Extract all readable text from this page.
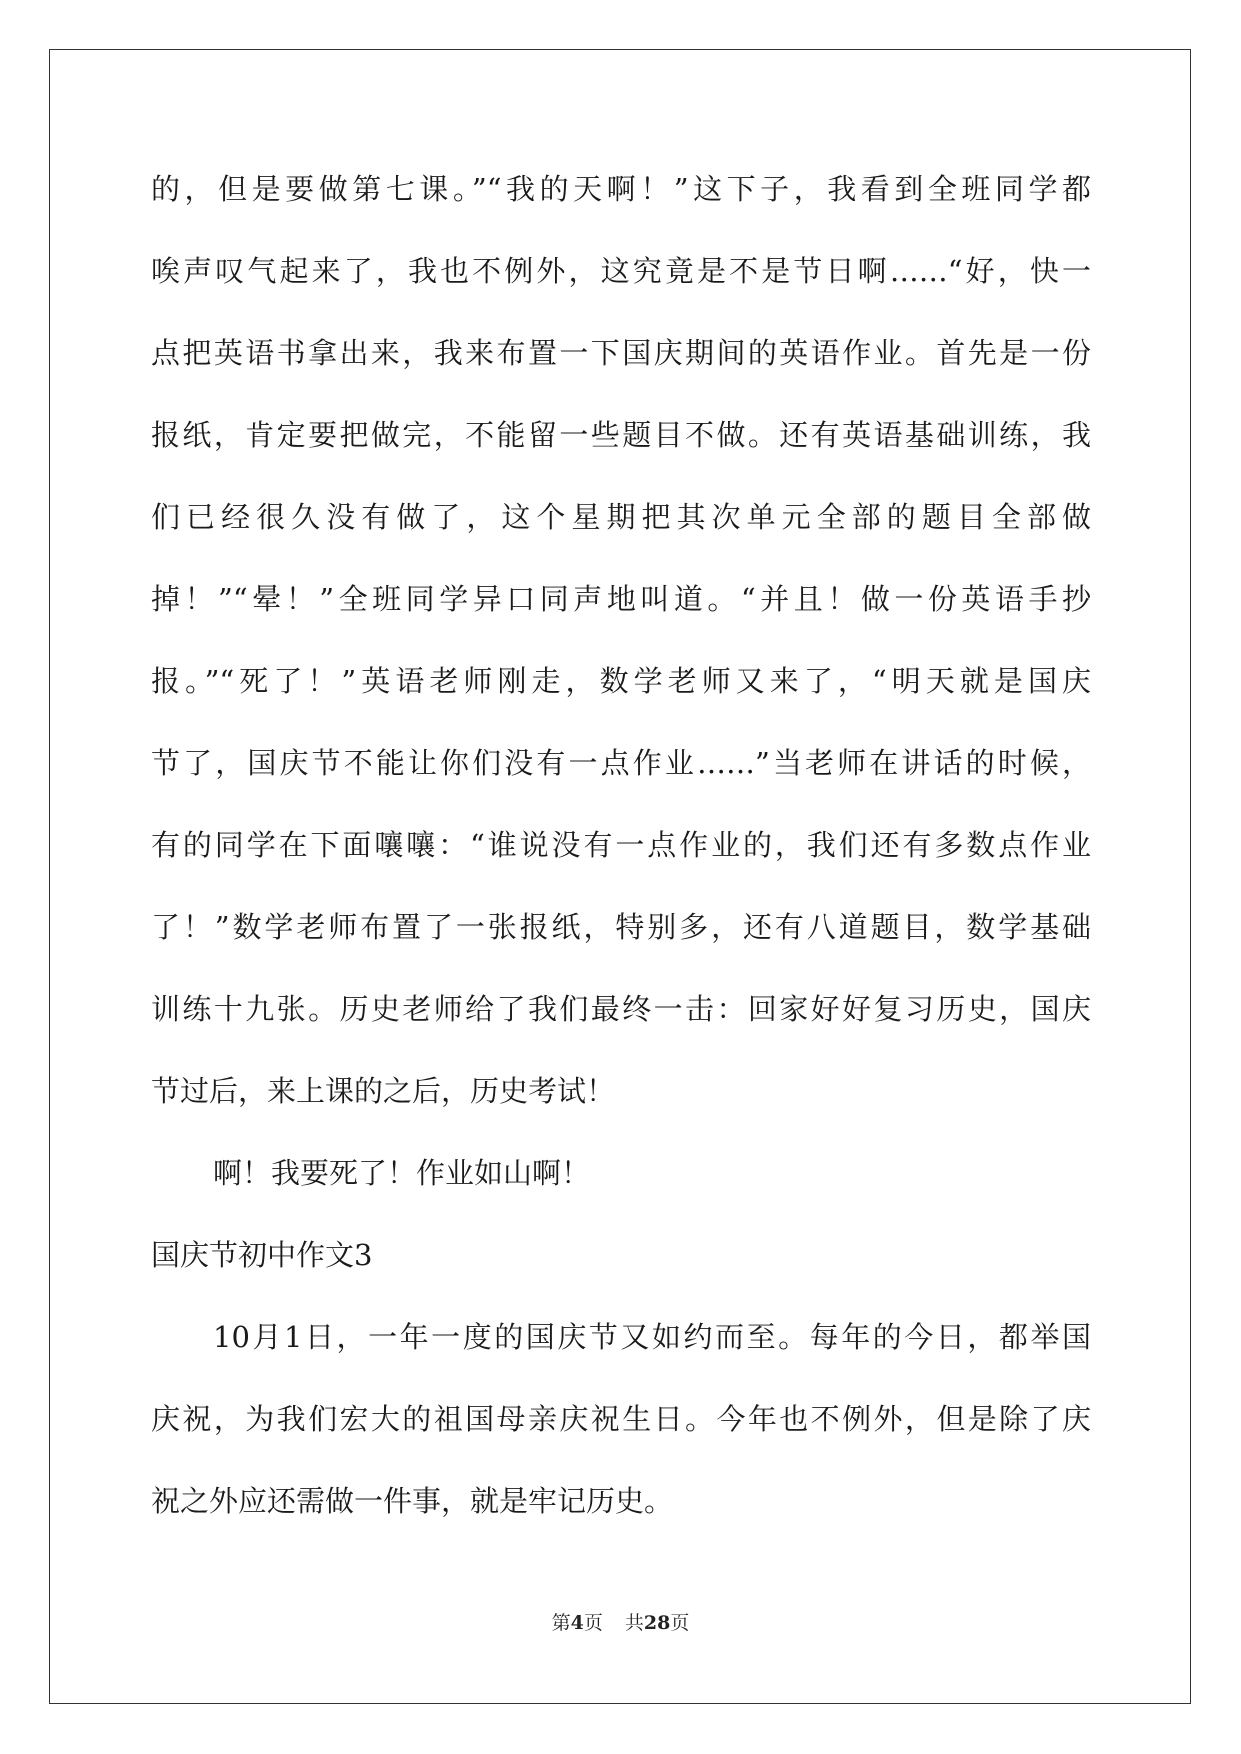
的，但是要做第七课。”“我的天啊！”这下子，我看到全班同学都
唉声叹气起来了，我也不例外，这究竟是不是节日啊……“好，快一
点把英语书拿出来，我来布置一下国庆期间的英语作业。首先是一份
报纸，肯定要把做完，不能留一些题目不做。还有英语基础训练，我
们已经很久没有做了，这个星期把其次单元全部的题目全部做
掉！”“晕！”全班同学异口同声地叫道。“并且！做一份英语手抄
报。”“死了！”英语老师刚走，数学老师又来了，“明天就是国庆
节了，国庆节不能让你们没有一点作业……”当老师在讲话的时候，
有的同学在下面嚷嚷：“谁说没有一点作业的，我们还有多数点作业
了！”数学老师布置了一张报纸，特别多，还有八道题目，数学基础
训练十九张。历史老师给了我们最终一击：回家好好复习历史，国庆
节过后，来上课的之后，历史考试！
啊！我要死了！作业如山啊！
国庆节初中作文3
10月1日，一年一度的国庆节又如约而至。每年的今日，都举国
庆祝，为我们宏大的祖国母亲庆祝生日。今年也不例外，但是除了庆
祝之外应还需做一件事，就是牢记历史。
第4页 共28页
